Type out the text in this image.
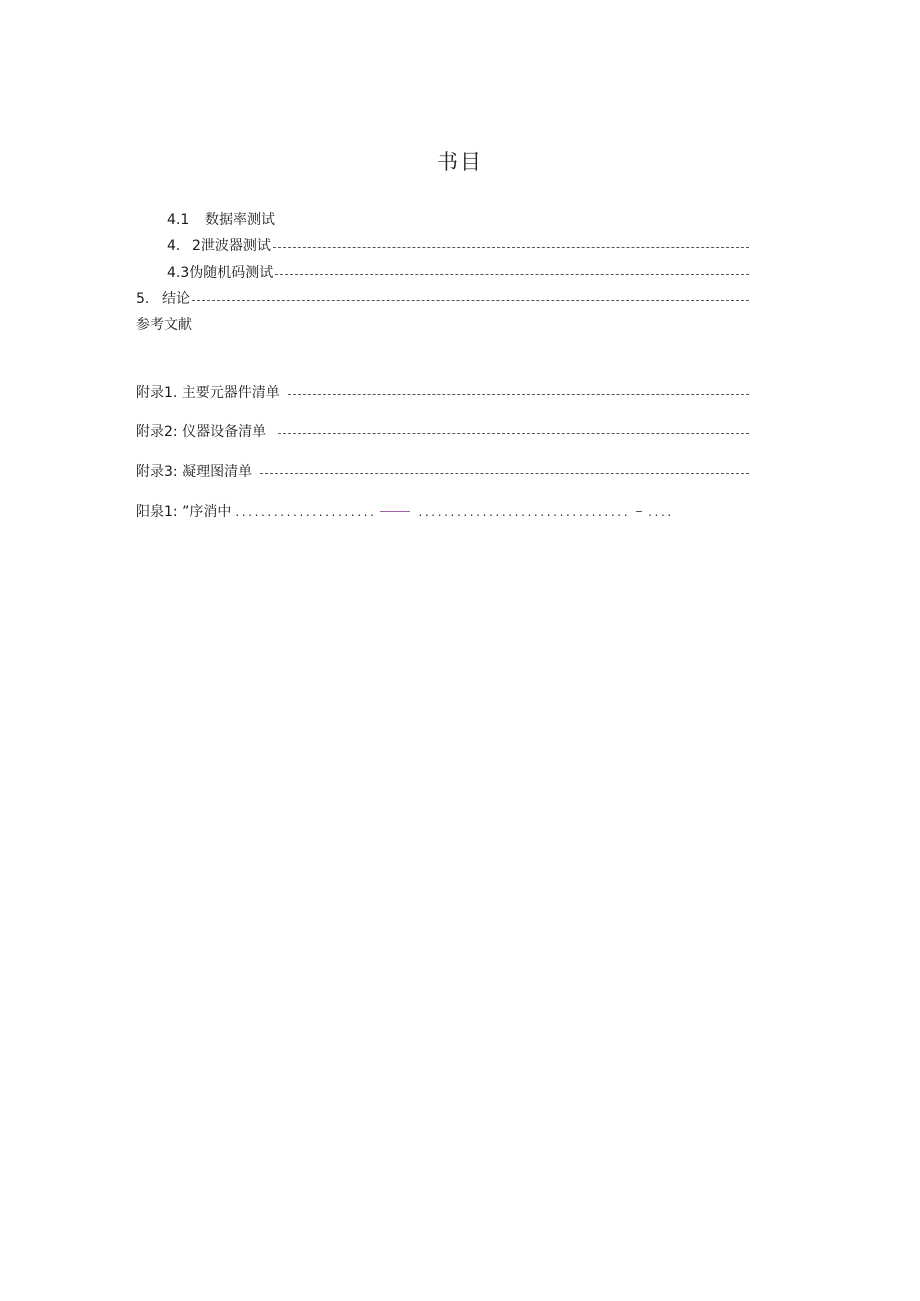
书目
4.1	数据率测试
4. 2泄波器测试
4.3伪随机码测试
5. 结论
参考文献
附录1. 主要元器件清单
附录2: 仪器设备清单
附录3: 凝理图清单
阳泉1: ”序消中 ......................	................................. ....
